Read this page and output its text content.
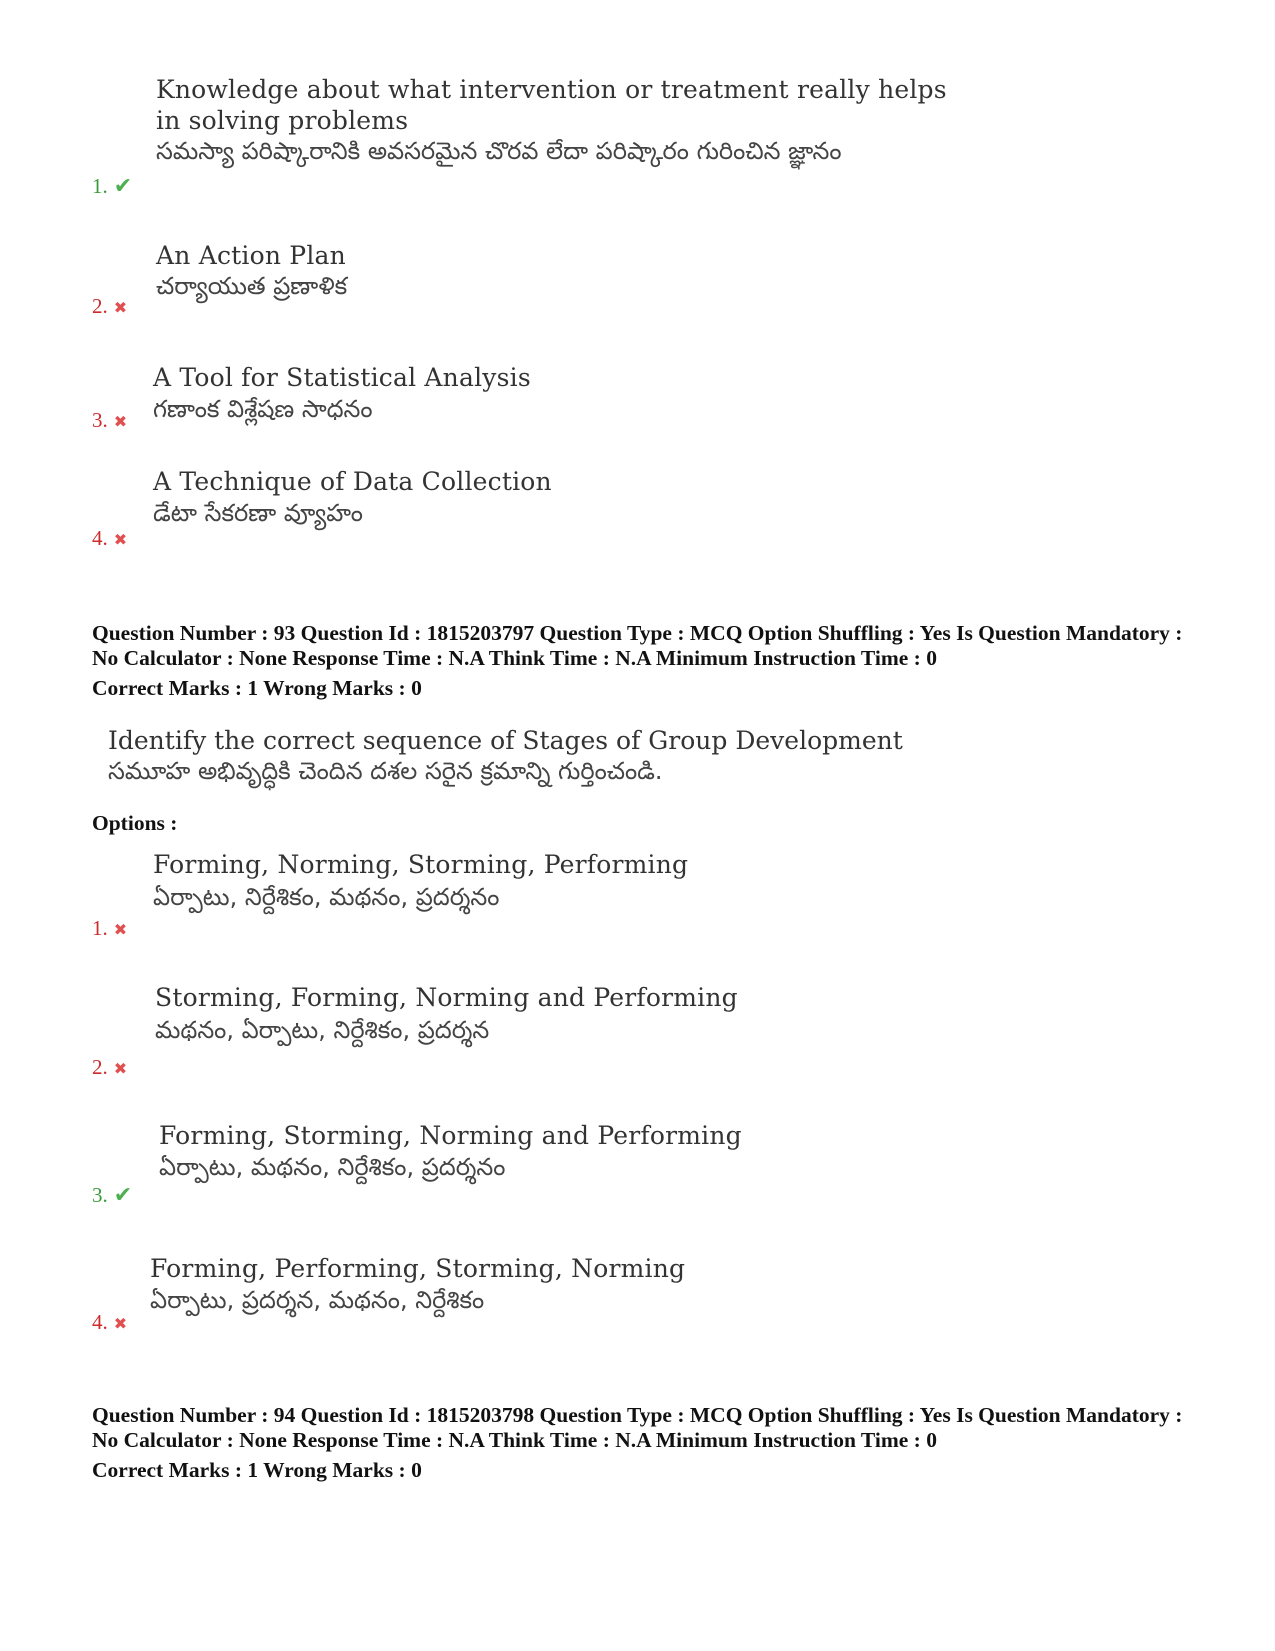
Knowledge about what intervention or treatment really helps in solving problems
సమస్యా పరిష్కారానికి అవసరమైన చొరవ లేదా పరిష్కారం గురించిన జ్ఞానం
1. ✔
An Action Plan
చర్యాయుత ప్రణాళిక
2. ✖
A Tool for Statistical Analysis
గణాంక విశ్లేషణ సాధనం
3. ✖
A Technique of Data Collection
డేటా సేకరణా వ్యూహం
4. ✖
Question Number : 93 Question Id : 1815203797 Question Type : MCQ Option Shuffling : Yes Is Question Mandatory : No Calculator : None Response Time : N.A Think Time : N.A Minimum Instruction Time : 0
Correct Marks : 1 Wrong Marks : 0
Identify the correct sequence of Stages of Group Development
సమూహ అభివృద్ధికి చెందిన దశల సరైన క్రమాన్ని గుర్తించండి.
Options :
Forming, Norming, Storming, Performing
ఏర్పాటు, నిర్దేశికం, మథనం, ప్రదర్శనం
1. ✖
Storming, Forming, Norming and Performing
మథనం, ఏర్పాటు, నిర్దేశికం, ప్రదర్శన
2. ✖
Forming, Storming, Norming and Performing
ఏర్పాటు, మథనం, నిర్దేశికం, ప్రదర్శనం
3. ✔
Forming, Performing, Storming, Norming
ఏర్పాటు, ప్రదర్శన, మథనం, నిర్దేశికం
4. ✖
Question Number : 94 Question Id : 1815203798 Question Type : MCQ Option Shuffling : Yes Is Question Mandatory : No Calculator : None Response Time : N.A Think Time : N.A Minimum Instruction Time : 0
Correct Marks : 1 Wrong Marks : 0
